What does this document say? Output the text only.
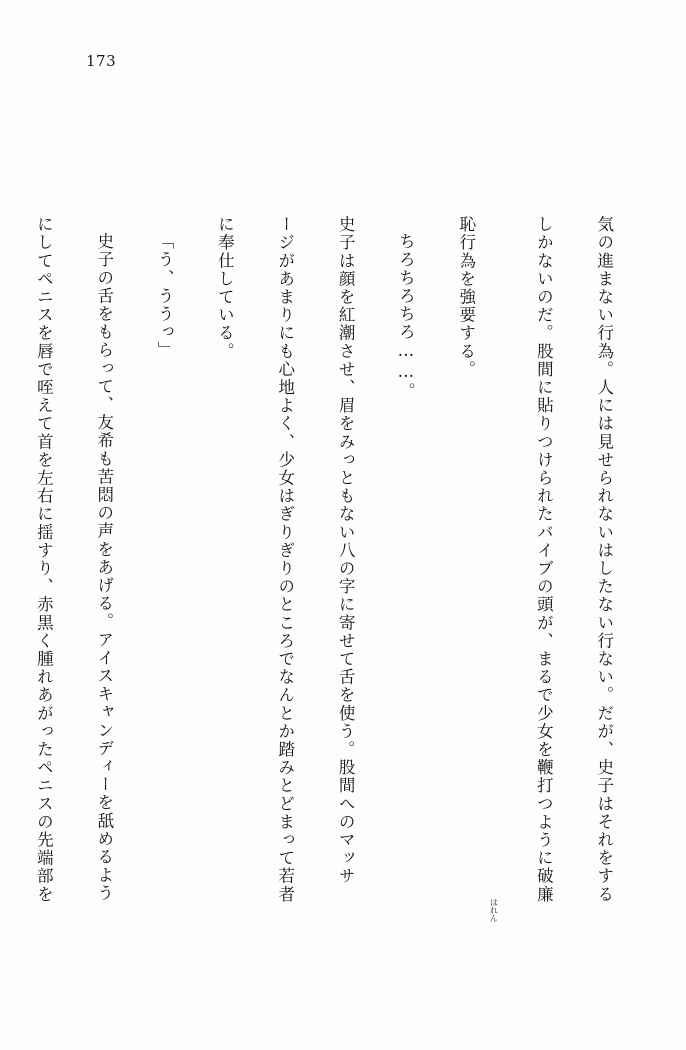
173

気の進まない行為。人には見せられないはしたない行ない。だが、史子はそれをする

しかないのだ。股間に貼りつけられたバイブの頭が、まるで少女を鞭打つように破廉

はれん

恥行為を強要する。

ちろちろちろ……。

史子は顔を紅潮させ、眉をみっともない八の字に寄せて舌を使う。股間へのマッサ

ージがあまりにも心地よく、少女はぎりぎりのところでなんとか踏みとどまって若者

に奉仕している。

「う、ううっ」

史子の舌をもらって、友希も苦悶の声をあげる。アイスキャンディーを舐めるよう

にしてペニスを唇で咥えて首を左右に揺すり、赤黒く腫れあがったペニスの先端部を
